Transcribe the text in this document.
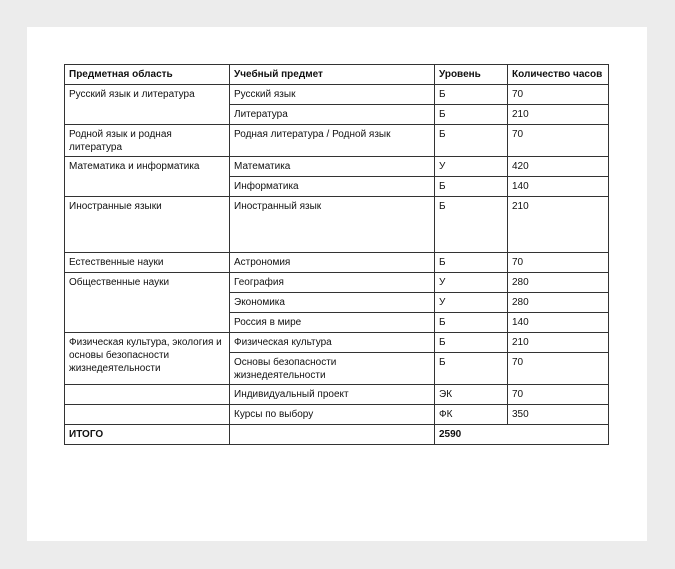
Предметная область	Учебный предмет	Уровень	Количество часов
Русский язык и литература	Русский язык	Б	70
	Литература	Б	210
Родной язык и родная литература	Родная литература / Родной язык	Б	70
Математика и информатика	Математика	У	420
	Информатика	Б	140
Иностранные языки	Иностранный язык	Б	210
Естественные науки	Астрономия	Б	70
Общественные науки	География	У	280
	Экономика	У	280
	Россия в мире	Б	140
Физическая культура, экология и основы безопасности жизнедеятельности	Физическая культура	Б	210
	Основы безопасности жизнедеятельности	Б	70
	Индивидуальный проект	ЭК	70
	Курсы по выбору	ФК	350
ИТОГО		2590	
